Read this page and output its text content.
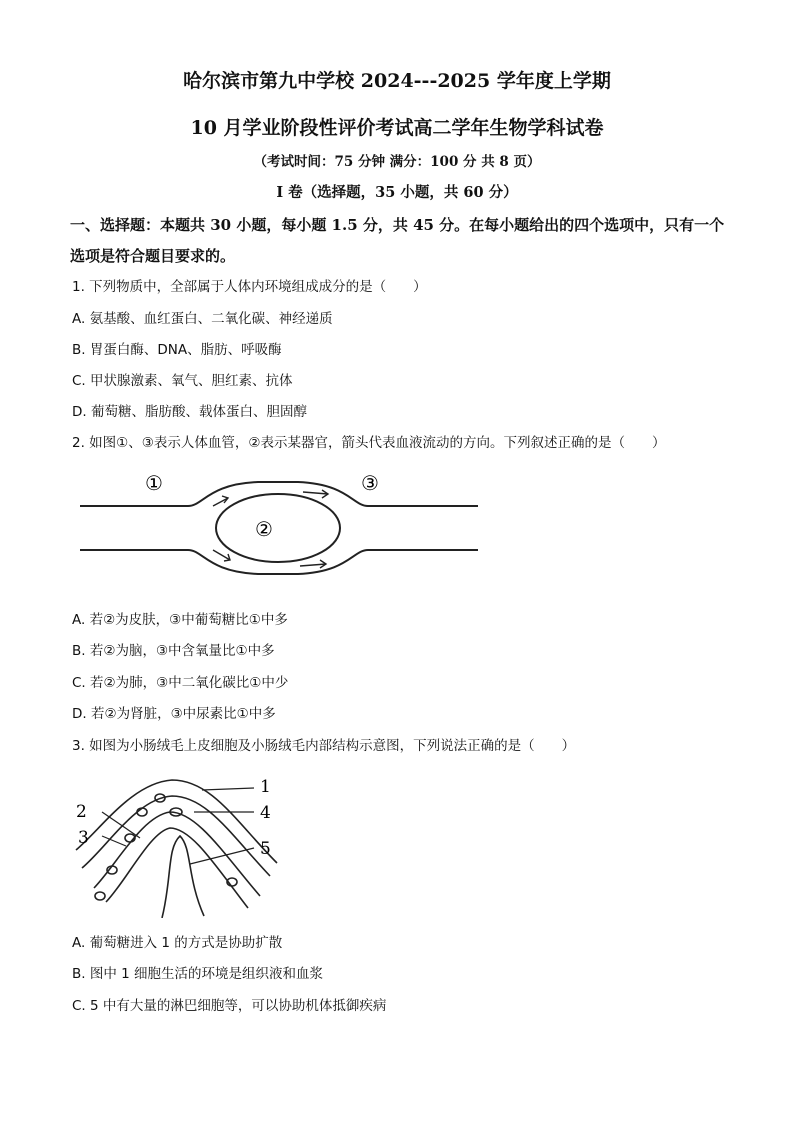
哈尔滨市第九中学校 2024---2025 学年度上学期
10 月学业阶段性评价考试高二学年生物学科试卷
（考试时间：75 分钟 满分：100 分 共 8 页）
I 卷（选择题，35 小题，共 60 分）
一、选择题：本题共 30 小题，每小题 1.5 分，共 45 分。在每小题给出的四个选项中，只有一个选项是符合题目要求的。
1. 下列物质中，全部属于人体内环境组成成分的是（　　）
A. 氨基酸、血红蛋白、二氧化碳、神经递质
B. 胃蛋白酶、DNA、脂肪、呼吸酶
C. 甲状腺激素、氧气、胆红素、抗体
D. 葡萄糖、脂肪酸、载体蛋白、胆固醇
2. 如图①、③表示人体血管，②表示某器官，箭头代表血液流动的方向。下列叙述正确的是（　　）
①
②
③
A. 若②为皮肤，③中葡萄糖比①中多
B. 若②为脑，③中含氧量比①中多
C. 若②为肺，③中二氧化碳比①中少
D. 若②为肾脏，③中尿素比①中多
3. 如图为小肠绒毛上皮细胞及小肠绒毛内部结构示意图，下列说法正确的是（　　）
1
2
3
4
5
A. 葡萄糖进入 1 的方式是协助扩散
B. 图中 1 细胞生活的环境是组织液和血浆
C. 5 中有大量的淋巴细胞等，可以协助机体抵御疾病
